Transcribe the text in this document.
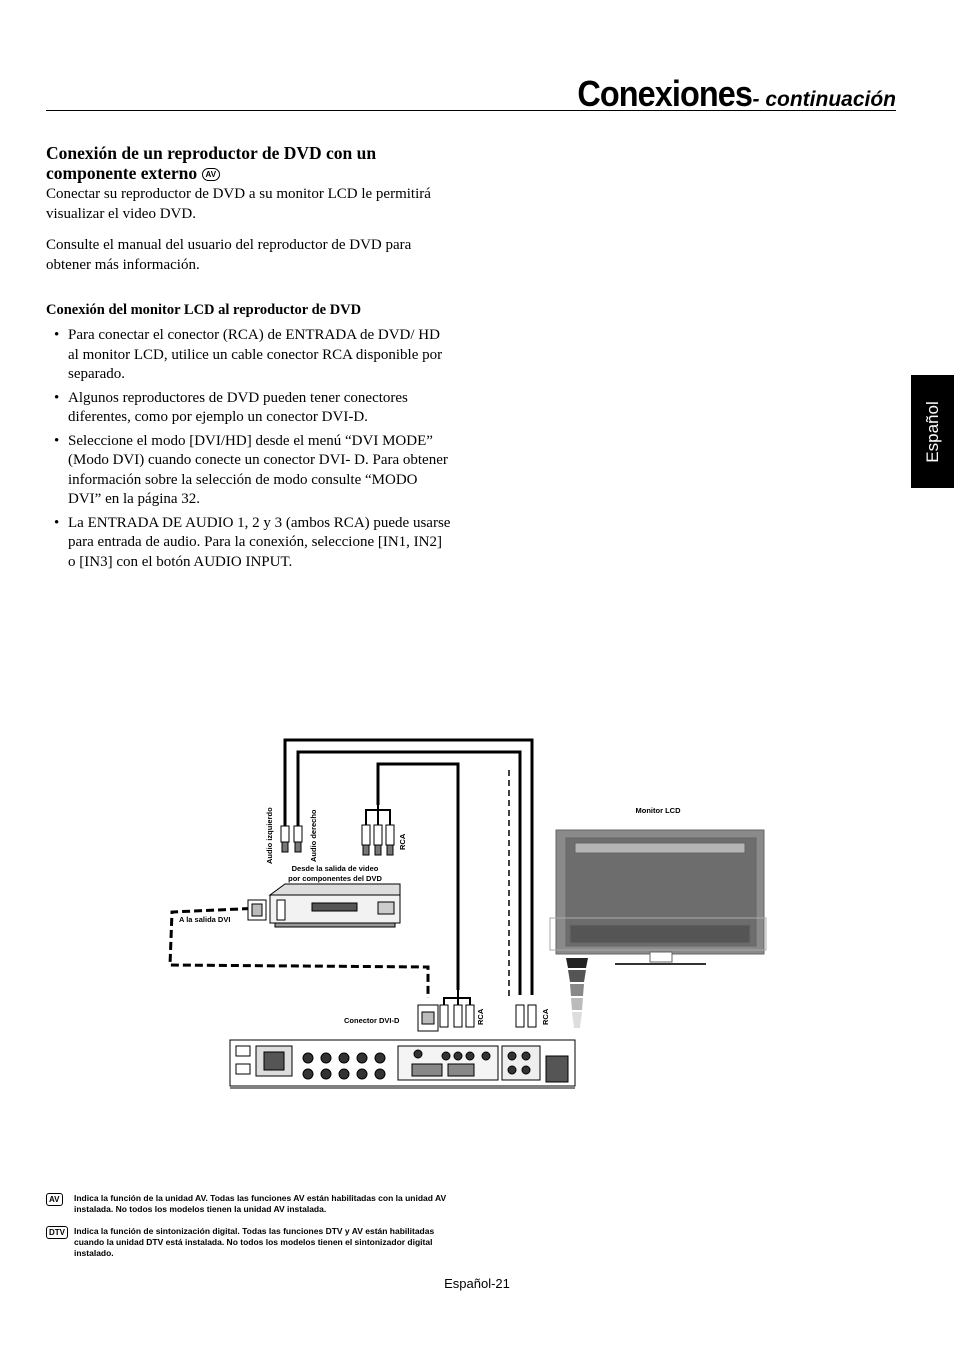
Conexiones- continuación
Español
Conexión de un reproductor de DVD con un componente externo AV
Conectar su reproductor de DVD a su monitor LCD le permitirá visualizar el video DVD.
Consulte el manual del usuario del reproductor de DVD para obtener más información.
Conexión del monitor LCD al reproductor de DVD
• Para conectar el conector (RCA) de ENTRADA de DVD/ HD al monitor LCD, utilice un cable conector RCA disponible por separado.
• Algunos reproductores de DVD pueden tener conectores diferentes, como por ejemplo un conector DVI-D.
• Seleccione el modo [DVI/HD] desde el menú “DVI MODE” (Modo DVI) cuando conecte un conector DVI- D. Para obtener información sobre la selección de modo consulte “MODO DVI” en la página 32.
• La ENTRADA DE AUDIO 1, 2 y 3 (ambos RCA) puede usarse para entrada de audio. Para la conexión, seleccione [IN1, IN2] o [IN3] con el botón AUDIO INPUT.
Audio izquierdo	Audio derecho	RCA
Desde la salida de video
por componentes del DVD
A la salida DVI
Monitor LCD
Conector DVI-D	RCA	RCA
AV	Indica la función de la unidad AV. Todas las funciones AV están habilitadas con la unidad AV instalada. No todos los modelos tienen la unidad AV instalada.
DTV	Indica la función de sintonización digital. Todas las funciones DTV y AV están habilitadas cuando la unidad DTV está instalada. No todos los modelos tienen el sintonizador digital instalado.
Español-21
